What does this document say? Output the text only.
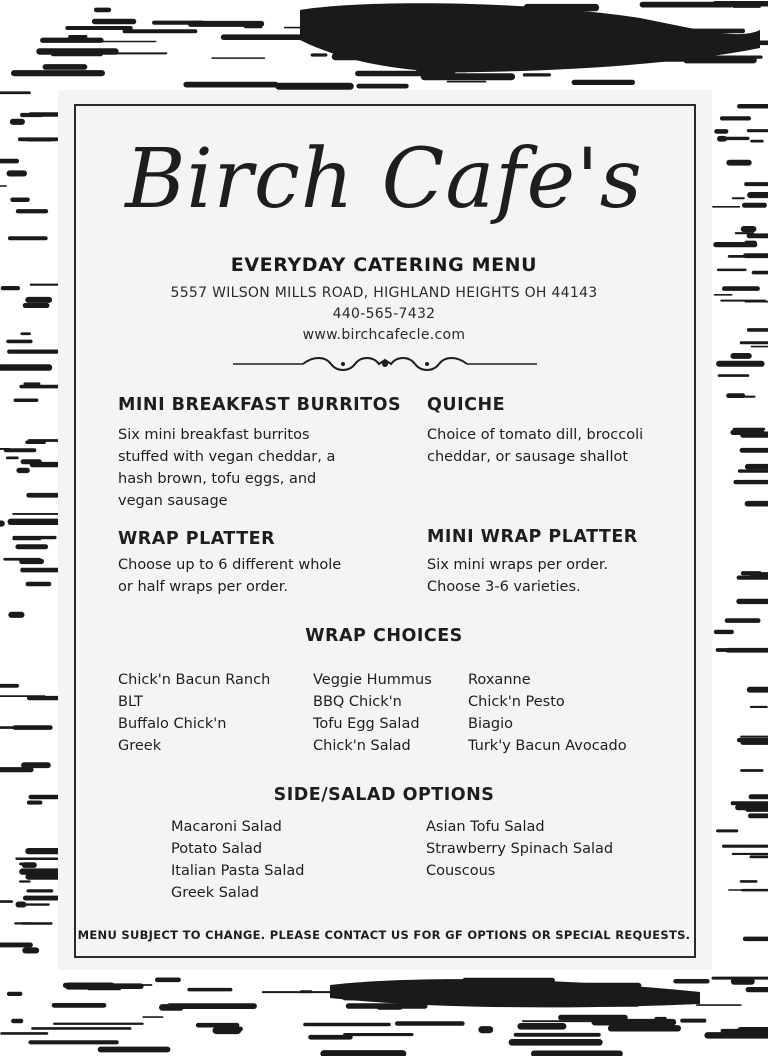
Birch Cafe's
EVERYDAY CATERING MENU
5557 WILSON MILLS ROAD, HIGHLAND HEIGHTS OH 44143
440-565-7432
www.birchcafecle.com
MINI BREAKFAST BURRITOS
Six mini breakfast burritos
stuffed with vegan cheddar, a
hash brown, tofu eggs, and
vegan sausage
QUICHE
Choice of tomato dill, broccoli
cheddar, or sausage shallot
WRAP PLATTER
Choose up to 6 different whole
or half wraps per order.
MINI WRAP PLATTER
Six mini wraps per order.
Choose 3-6 varieties.
WRAP CHOICES
Chick'n Bacun Ranch
BLT
Buffalo Chick'n
Greek
Veggie Hummus
BBQ Chick'n
Tofu Egg Salad
Chick'n Salad
Roxanne
Chick'n Pesto
Biagio
Turk'y Bacun Avocado
SIDE/SALAD OPTIONS
Macaroni Salad
Potato Salad
Italian Pasta Salad
Greek Salad
Asian Tofu Salad
Strawberry Spinach Salad
Couscous
MENU SUBJECT TO CHANGE. PLEASE CONTACT US FOR GF OPTIONS OR SPECIAL REQUESTS.
